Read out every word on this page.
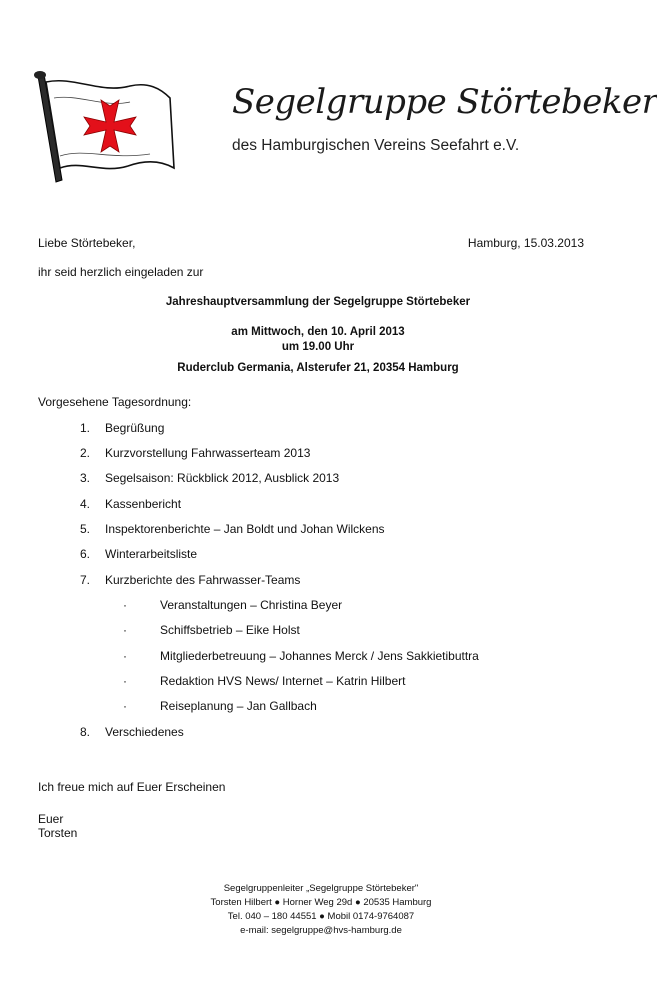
Segelgruppe Störtebeker
des Hamburgischen Vereins Seefahrt e.V.
Liebe Störtebeker,	Hamburg, 15.03.2013
ihr seid herzlich eingeladen zur
Jahreshauptversammlung der Segelgruppe Störtebeker
am Mittwoch, den 10. April 2013
um 19.00 Uhr
Ruderclub Germania, Alsterufer 21, 20354 Hamburg
Vorgesehene Tagesordnung:
1. Begrüßung
2. Kurzvorstellung Fahrwasserteam 2013
3. Segelsaison: Rückblick 2012, Ausblick 2013
4. Kassenbericht
5. Inspektorenberichte – Jan Boldt und Johan Wilckens
6. Winterarbeitsliste
7. Kurzberichte des Fahrwasser-Teams
·	Veranstaltungen – Christina Beyer
·	Schiffsbetrieb – Eike Holst
·	Mitgliederbetreuung – Johannes Merck / Jens Sakkietibuttra
·	Redaktion HVS News/ Internet – Katrin Hilbert
·	Reiseplanung – Jan Gallbach
8. Verschiedenes
Ich freue mich auf Euer Erscheinen
Euer
Torsten
Segelgruppenleiter „Segelgruppe Störtebeker"
Torsten Hilbert ● Horner Weg 29d ● 20535 Hamburg
Tel. 040 – 180 44551 ● Mobil 0174-9764087
e-mail: segelgruppe@hvs-hamburg.de
